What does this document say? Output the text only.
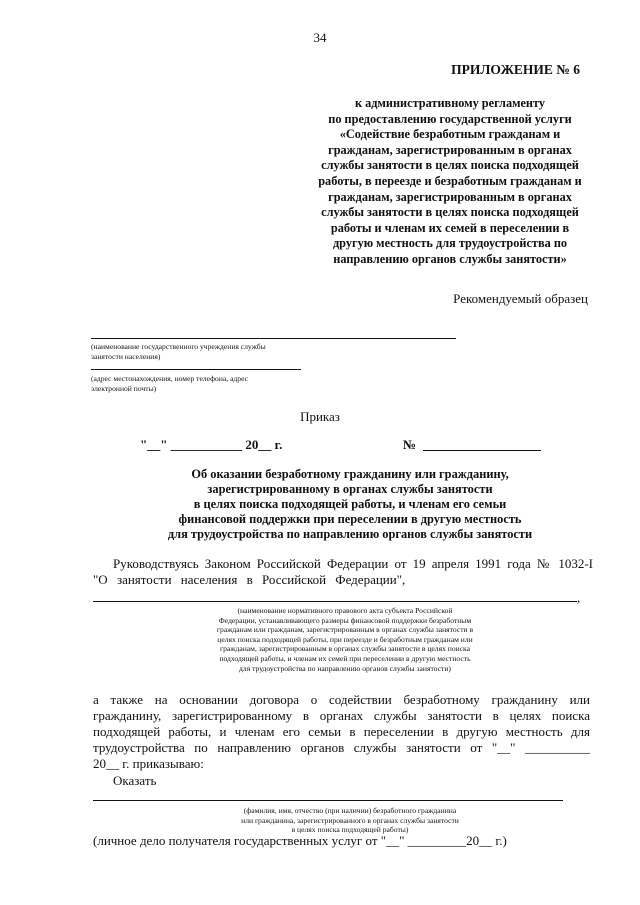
34
ПРИЛОЖЕНИЕ № 6
к административному регламенту
по предоставлению государственной услуги
«Содействие безработным гражданам и
гражданам, зарегистрированным в органах
службы занятости в целях поиска подходящей
работы, в переезде и безработным гражданам и
гражданам, зарегистрированным в органах
службы занятости в целях поиска подходящей
работы и членам их семей в переселении в
другую местность для трудоустройства по
направлению органов службы занятости»
Рекомендуемый образец
(наименование государственного учреждения службы
занятости населения)
(адрес местонахождения, номер телефона, адрес
электронной почты)
Приказ
"__" ___________ 20__ г.	№
Об оказании безработному гражданину или гражданину,
зарегистрированному в органах службы занятости
в целях поиска подходящей работы, и членам его семьи
финансовой поддержки при переселении в другую местность
для трудоустройства по направлению органов службы занятости
Руководствуясь Законом Российской Федерации от 19 апреля 1991 года № 1032-I
"О занятости населения в Российской Федерации",
,
(наименование нормативного правового акта субъекта Российской
Федерации, устанавливающего размеры финансовой поддержки безработным
гражданам или гражданам, зарегистрированным в органах службы занятости в
целях поиска подходящей работы, при переезде и безработным гражданам или
гражданам, зарегистрированным в органах службы занятости в целях поиска
подходящей работы, и членам их семей при переселении в другую местность
для трудоустройства по направлению органов службы занятости)
а также на основании договора о содействии безработному гражданину или
гражданину, зарегистрированному в органах службы занятости в целях поиска
подходящей работы, и членам его семьи в переселении в другую местность для
трудоустройства по направлению органов службы занятости от "__" __________
20__ г. приказываю:
Оказать
(фамилия, имя, отчество (при наличии) безработного гражданина
или гражданина, зарегистрированного в органах службы занятости
в целях поиска подходящей работы)
(личное дело получателя государственных услуг от "__" _________20__ г.)
